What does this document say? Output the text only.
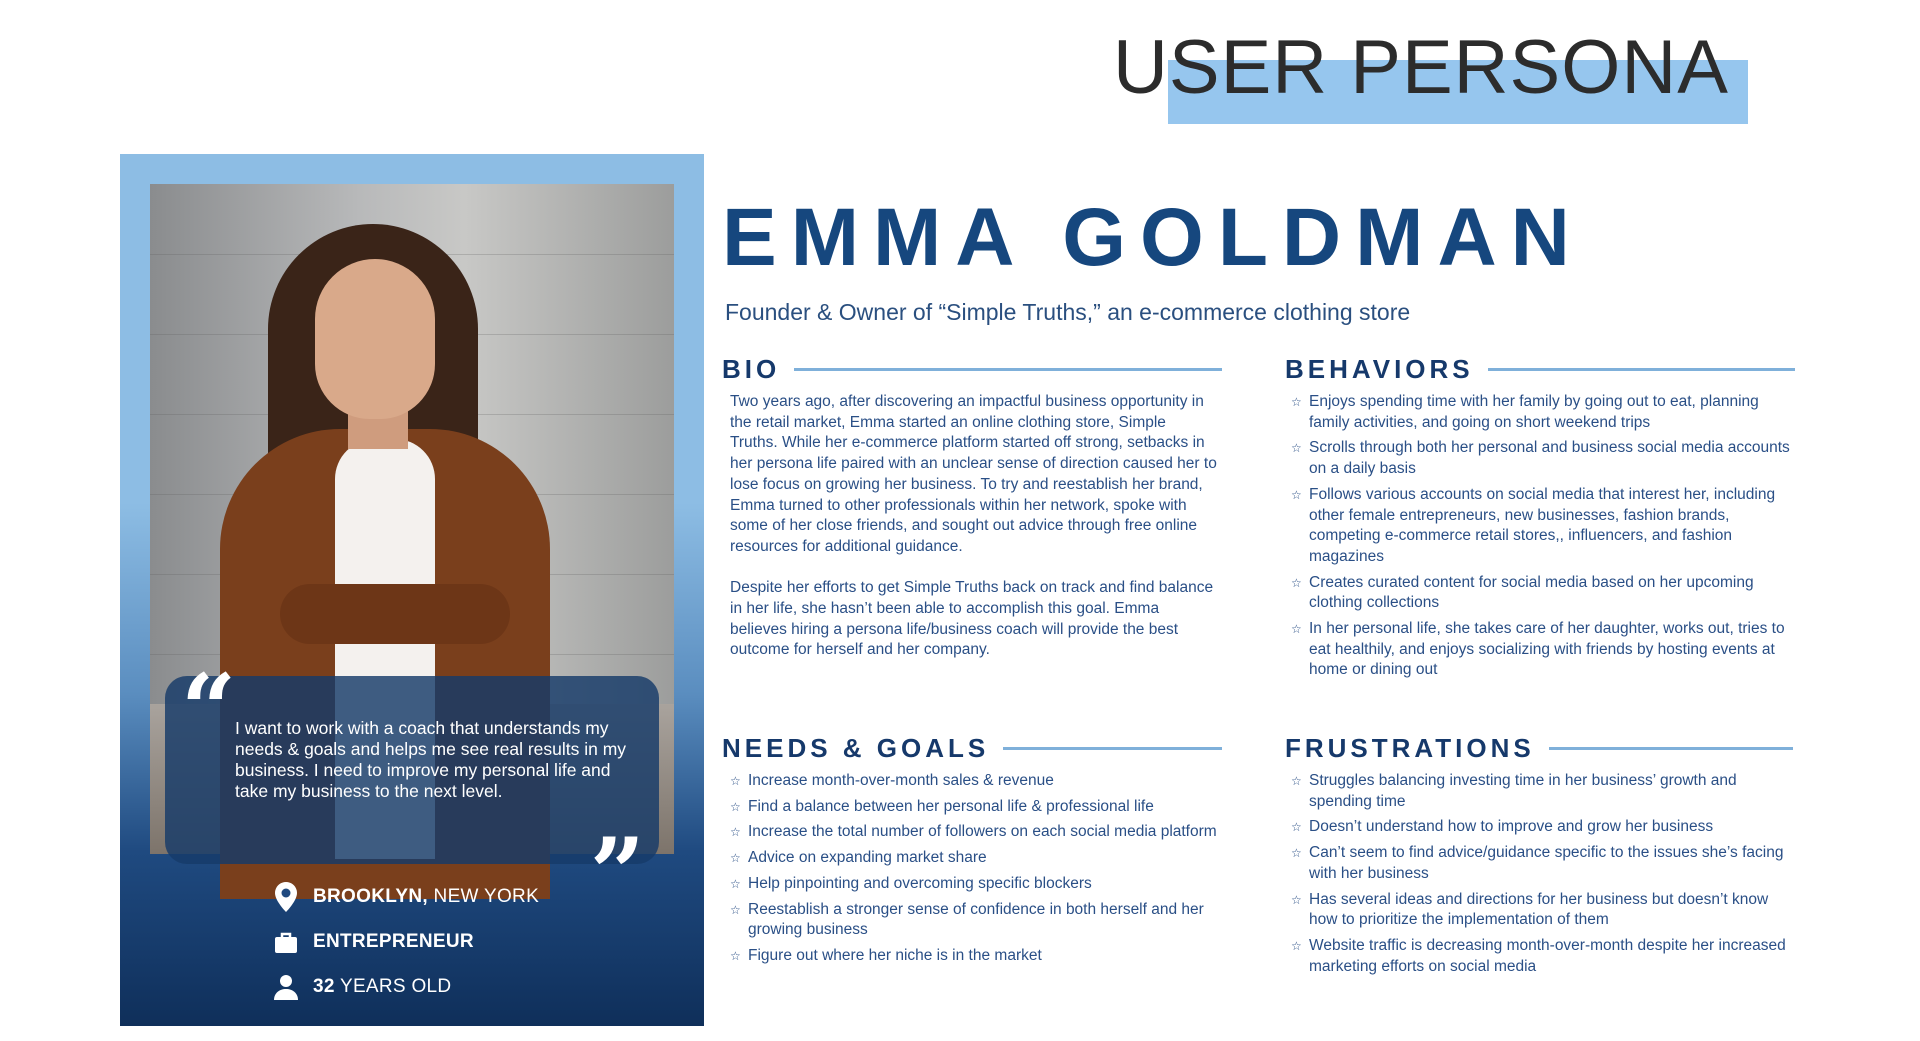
USER PERSONA
“

I want to work with a coach that understands my needs & goals and helps me see real results in my business. I need to improve my personal life and take my business to the next level.

”
BROOKLYN, NEW YORK
ENTREPRENEUR
32 YEARS OLD
EMMA GOLDMAN

Founder & Owner of “Simple Truths,” an e-commerce clothing store

BIO

Two years ago, after discovering an impactful business opportunity in the retail market, Emma started an online clothing store, Simple Truths. While her e-commerce platform started off strong, setbacks in her persona life paired with an unclear sense of direction caused her to lose focus on growing her business. To try and reestablish her brand, Emma turned to other professionals within her network, spoke with some of her close friends, and sought out advice through free online resources for additional guidance.

Despite her efforts to get Simple Truths back on track and find balance in her life, she hasn’t been able to accomplish this goal. Emma believes hiring a persona life/business coach will provide the best outcome for herself and her company.

BEHAVIORS
☆ Enjoys spending time with her family by going out to eat, planning family activities, and going on short weekend trips
☆ Scrolls through both her personal and business social media accounts on a daily basis
☆ Follows various accounts on social media that interest her, including other female entrepreneurs, new businesses, fashion brands, competing e-commerce retail stores,, influencers, and fashion magazines
☆ Creates curated content for social media based on her upcoming clothing collections
☆ In her personal life, she takes care of her daughter, works out, tries to eat healthily, and enjoys socializing with friends by hosting events at home or dining out
NEEDS & GOALS
☆ Increase month-over-month sales & revenue
☆ Find a balance between her personal life & professional life
☆ Increase the total number of followers on each social media platform
☆ Advice on expanding market share
☆ Help pinpointing and overcoming specific blockers
☆ Reestablish a stronger sense of confidence in both herself and her growing business
☆ Figure out where her niche is in the market
FRUSTRATIONS
☆ Struggles balancing investing time in her business’ growth and spending time
☆ Doesn’t understand how to improve and grow her business
☆ Can’t seem to find advice/guidance specific to the issues she’s facing with her business
☆ Has several ideas and directions for her business but doesn’t know how to prioritize the implementation of them
☆ Website traffic is decreasing month-over-month despite her increased marketing efforts on social media
